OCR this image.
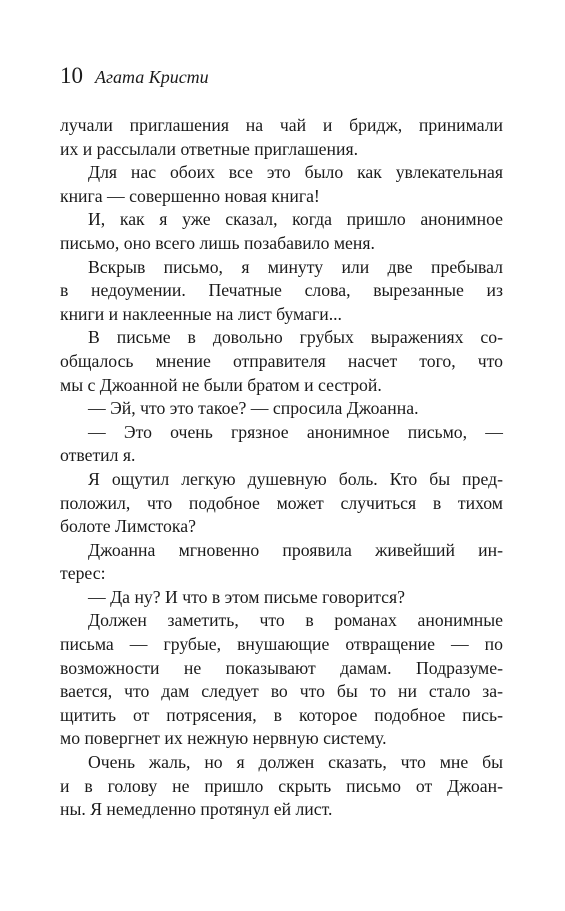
10 Агата Кристи
лучали приглашения на чай и бридж, принимали
их и рассылали ответные приглашения.
Для нас обоих все это было как увлекательная
книга — совершенно новая книга!
И, как я уже сказал, когда пришло анонимное
письмо, оно всего лишь позабавило меня.
Вскрыв письмо, я минуту или две пребывал
в недоумении. Печатные слова, вырезанные из
книги и наклеенные на лист бумаги...
В письме в довольно грубых выражениях со-
общалось мнение отправителя насчет того, что
мы с Джоанной не были братом и сестрой.
— Эй, что это такое? — спросила Джоанна.
— Это очень грязное анонимное письмо, —
ответил я.
Я ощутил легкую душевную боль. Кто бы пред-
положил, что подобное может случиться в тихом
болоте Лимстока?
Джоанна мгновенно проявила живейший ин-
терес:
— Да ну? И что в этом письме говорится?
Должен заметить, что в романах анонимные
письма — грубые, внушающие отвращение — по
возможности не показывают дамам. Подразуме-
вается, что дам следует во что бы то ни стало за-
щитить от потрясения, в которое подобное пись-
мо повергнет их нежную нервную систему.
Очень жаль, но я должен сказать, что мне бы
и в голову не пришло скрыть письмо от Джоан-
ны. Я немедленно протянул ей лист.
